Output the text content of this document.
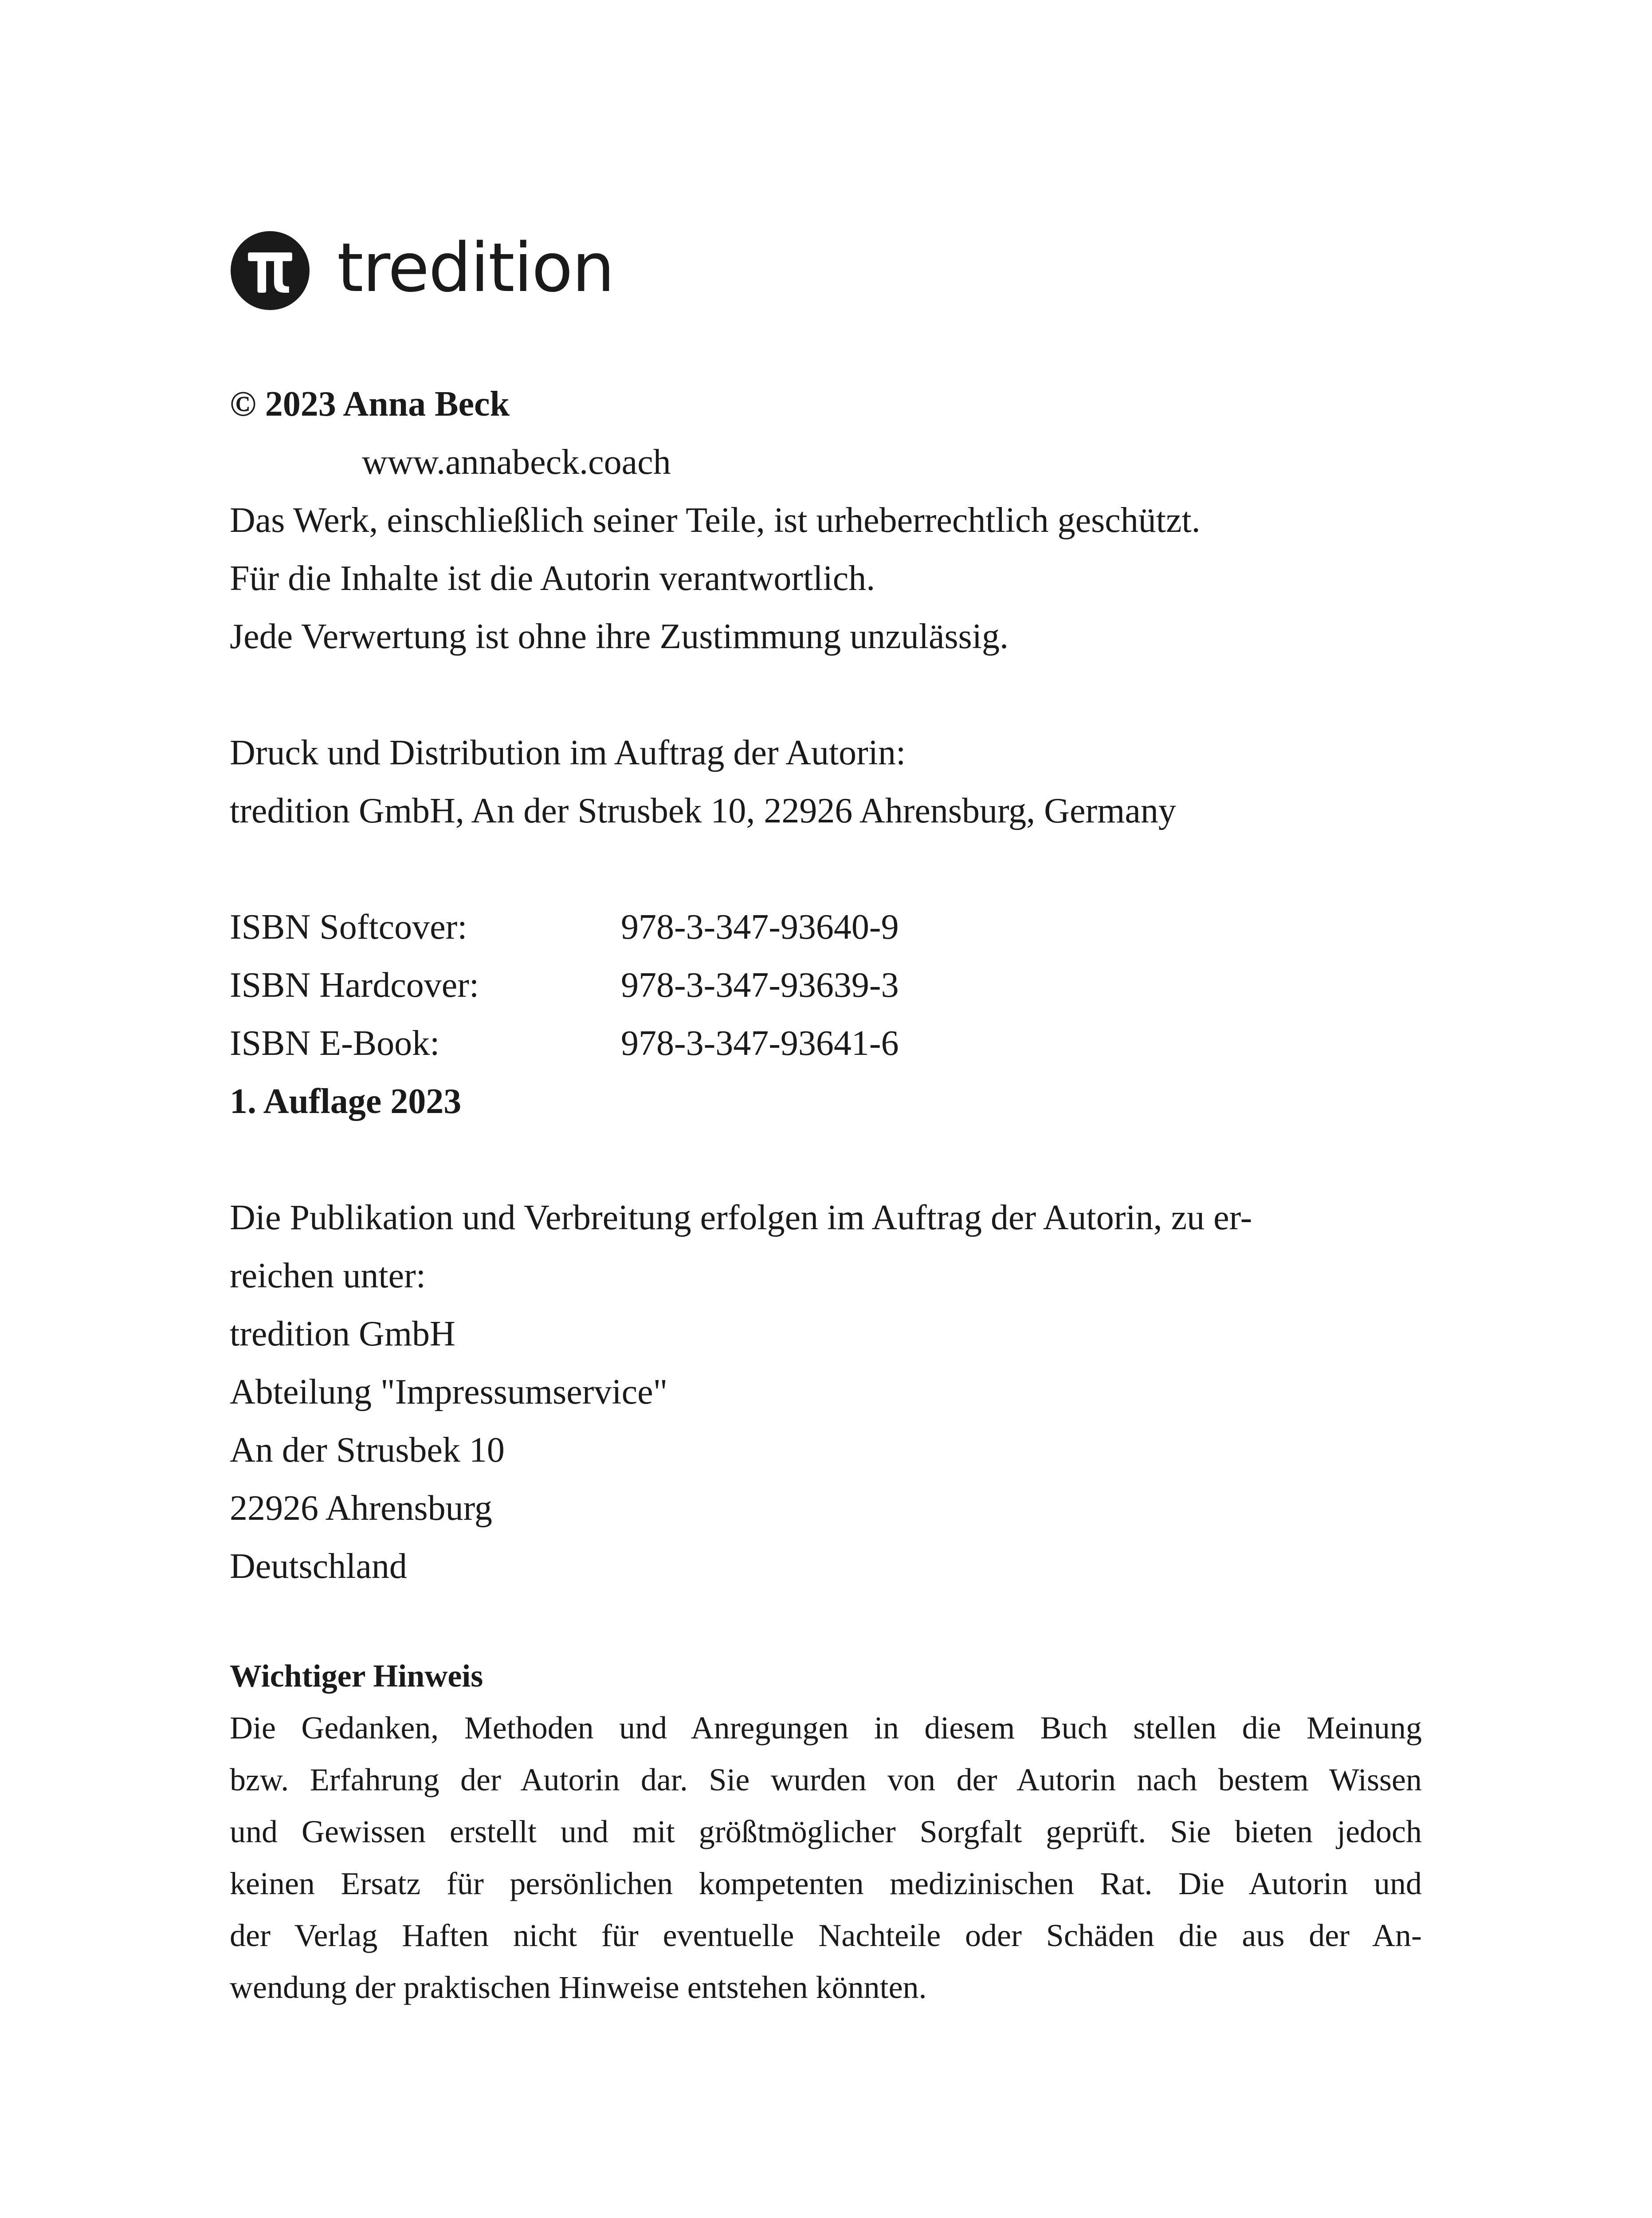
tredition
© 2023 Anna Beck
www.annabeck.coach
Das Werk, einschließlich seiner Teile, ist urheberrechtlich geschützt.
Für die Inhalte ist die Autorin verantwortlich.
Jede Verwertung ist ohne ihre Zustimmung unzulässig.
Druck und Distribution im Auftrag der Autorin:
tredition GmbH, An der Strusbek 10, 22926 Ahrensburg, Germany
ISBN Softcover:	978-3-347-93640-9
ISBN Hardcover:	978-3-347-93639-3
ISBN E-Book:	978-3-347-93641-6
1. Auflage 2023
Die Publikation und Verbreitung erfolgen im Auftrag der Autorin, zu er-
reichen unter:
tredition GmbH
Abteilung "Impressumservice"
An der Strusbek 10
22926 Ahrensburg
Deutschland
Wichtiger Hinweis
Die Gedanken, Methoden und Anregungen in diesem Buch stellen die Meinung
bzw. Erfahrung der Autorin dar. Sie wurden von der Autorin nach bestem Wissen
und Gewissen erstellt und mit größtmöglicher Sorgfalt geprüft. Sie bieten jedoch
keinen Ersatz für persönlichen kompetenten medizinischen Rat. Die Autorin und
der Verlag Haften nicht für eventuelle Nachteile oder Schäden die aus der An-
wendung der praktischen Hinweise entstehen könnten.
